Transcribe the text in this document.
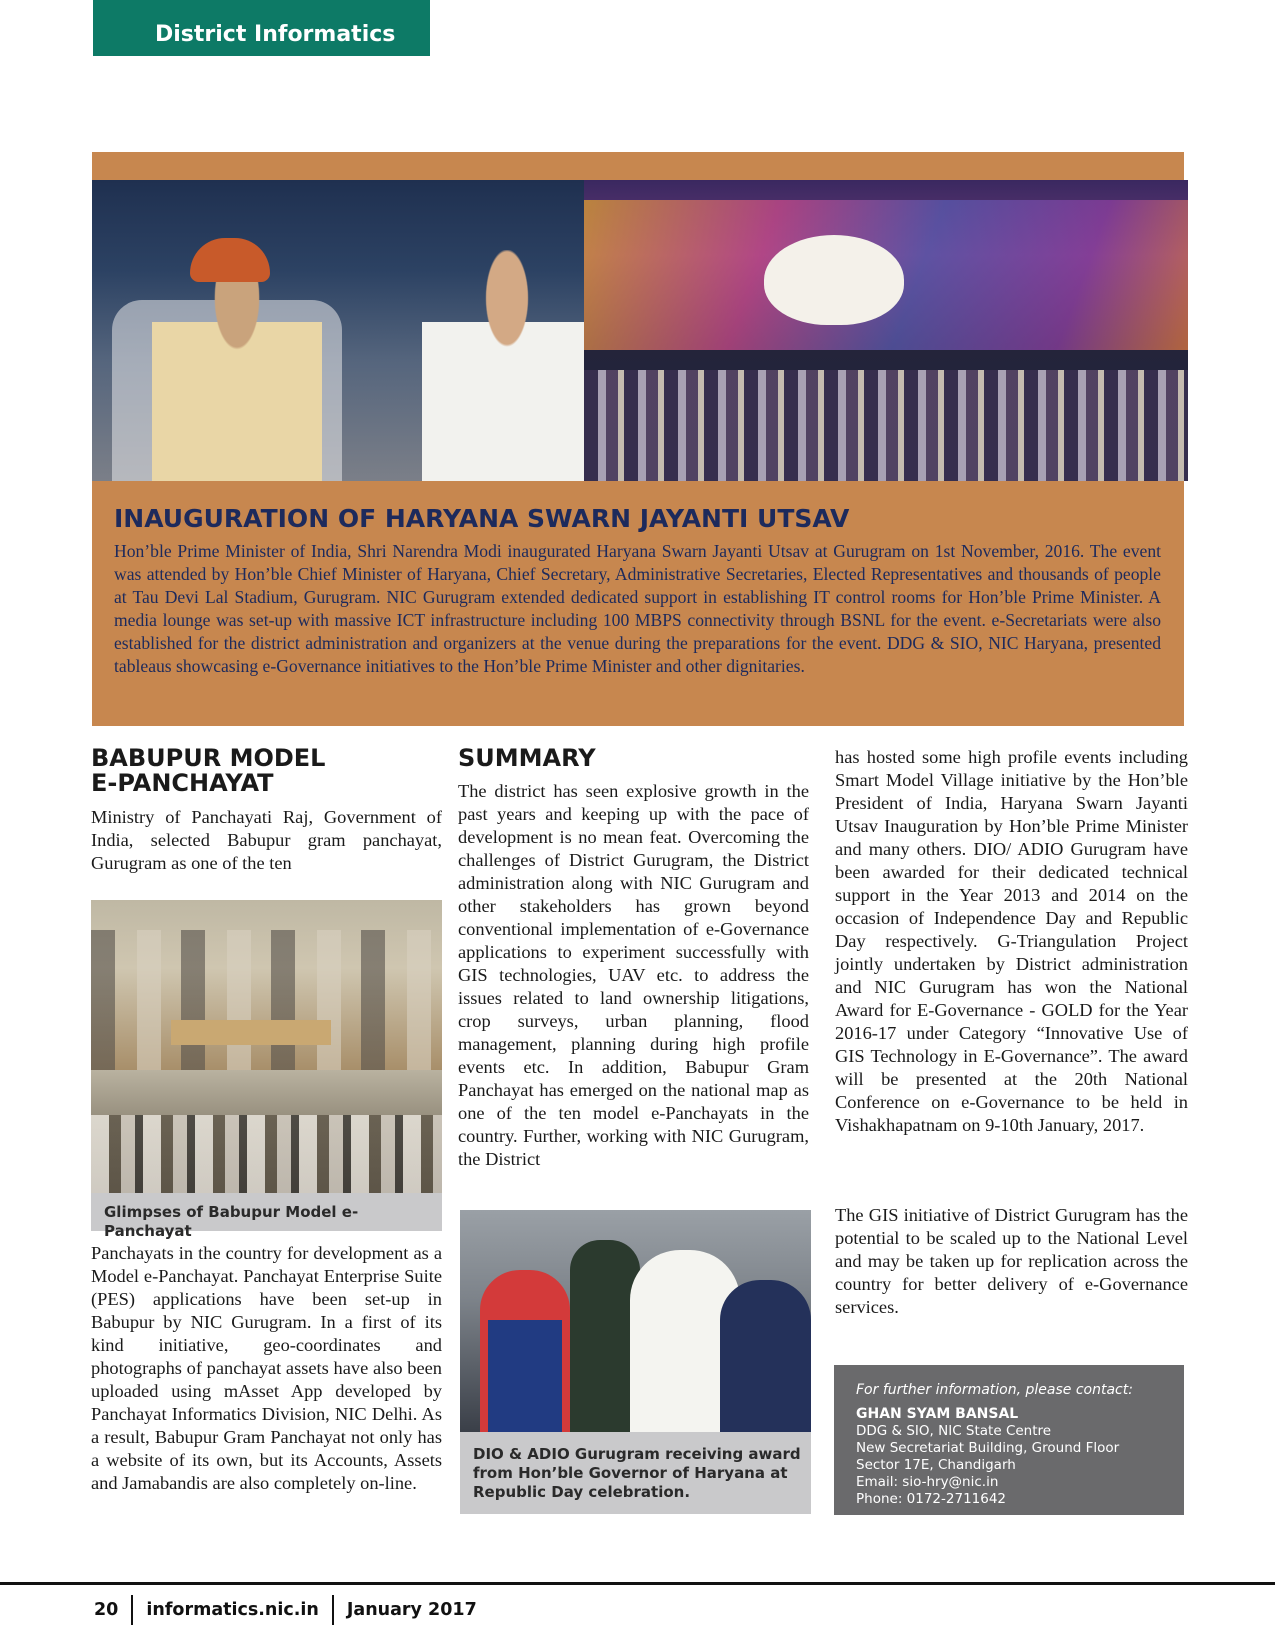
District Informatics
INAUGURATION OF HARYANA SWARN JAYANTI UTSAV

Hon’ble Prime Minister of India, Shri Narendra Modi inaugurated Haryana Swarn Jayanti Utsav at Gurugram on 1st November, 2016. The event was attended by Hon’ble Chief Minister of Haryana, Chief Secretary, Administrative Secretaries, Elected Representatives and thousands of people at Tau Devi Lal Stadium, Gurugram. NIC Gurugram extended dedicated support in establishing IT control rooms for Hon’ble Prime Minister. A media lounge was set-up with massive ICT infrastructure including 100 MBPS connectivity through BSNL for the event. e-Secretariats were also established for the district administration and organizers at the venue during the preparations for the event. DDG & SIO, NIC Haryana, presented tableaus showcasing e-Governance initiatives to the Hon’ble Prime Minister and other dignitaries.

BABUPUR MODEL
E-PANCHAYAT

Ministry of Panchayati Raj, Government of India, selected Babupur gram panchayat, Gurugram as one of the ten

Glimpses of Babupur Model e-Panchayat

Panchayats in the country for development as a Model e-Panchayat. Panchayat Enterprise Suite (PES) applications have been set-up in Babupur by NIC Gurugram. In a first of its kind initiative, geo-coordinates and photographs of panchayat assets have also been uploaded using mAsset App developed by Panchayat Informatics Division, NIC Delhi. As a result, Babupur Gram Panchayat not only has a website of its own, but its Accounts, Assets and Jamabandis are also completely on-line.

SUMMARY

The district has seen explosive growth in the past years and keeping up with the pace of development is no mean feat. Overcoming the challenges of District Gurugram, the District administration along with NIC Gurugram and other stakeholders has grown beyond conventional implementation of e-Governance applications to experiment successfully with GIS technologies, UAV etc. to address the issues related to land ownership litigations, crop surveys, urban planning, flood management, planning during high profile events etc. In addition, Babupur Gram Panchayat has emerged on the national map as one of the ten model e-Panchayats in the country. Further, working with NIC Gurugram, the District

DIO & ADIO Gurugram receiving award from Hon’ble Governor of Haryana at Republic Day celebration.

has hosted some high profile events including Smart Model Village initiative by the Hon’ble President of India, Haryana Swarn Jayanti Utsav Inauguration by Hon’ble Prime Minister and many others. DIO/ ADIO Gurugram have been awarded for their dedicated technical support in the Year 2013 and 2014 on the occasion of Independence Day and Republic Day respectively. G-Triangulation Project jointly undertaken by District administration and NIC Gurugram has won the National Award for E-Governance - GOLD for the Year 2016-17 under Category “Innovative Use of GIS Technology in E-Governance”. The award will be presented at the 20th National Conference on e-Governance to be held in Vishakhapatnam on 9-10th January, 2017.

The GIS initiative of District Gurugram has the potential to be scaled up to the National Level and may be taken up for replication across the country for better delivery of e-Governance services.

For further information, please contact:
GHAN SYAM BANSAL
DDG & SIO, NIC State Centre
New Secretariat Building, Ground Floor
Sector 17E, Chandigarh
Email: sio-hry@nic.in
Phone: 0172-2711642
20 informatics.nic.in January 2017
